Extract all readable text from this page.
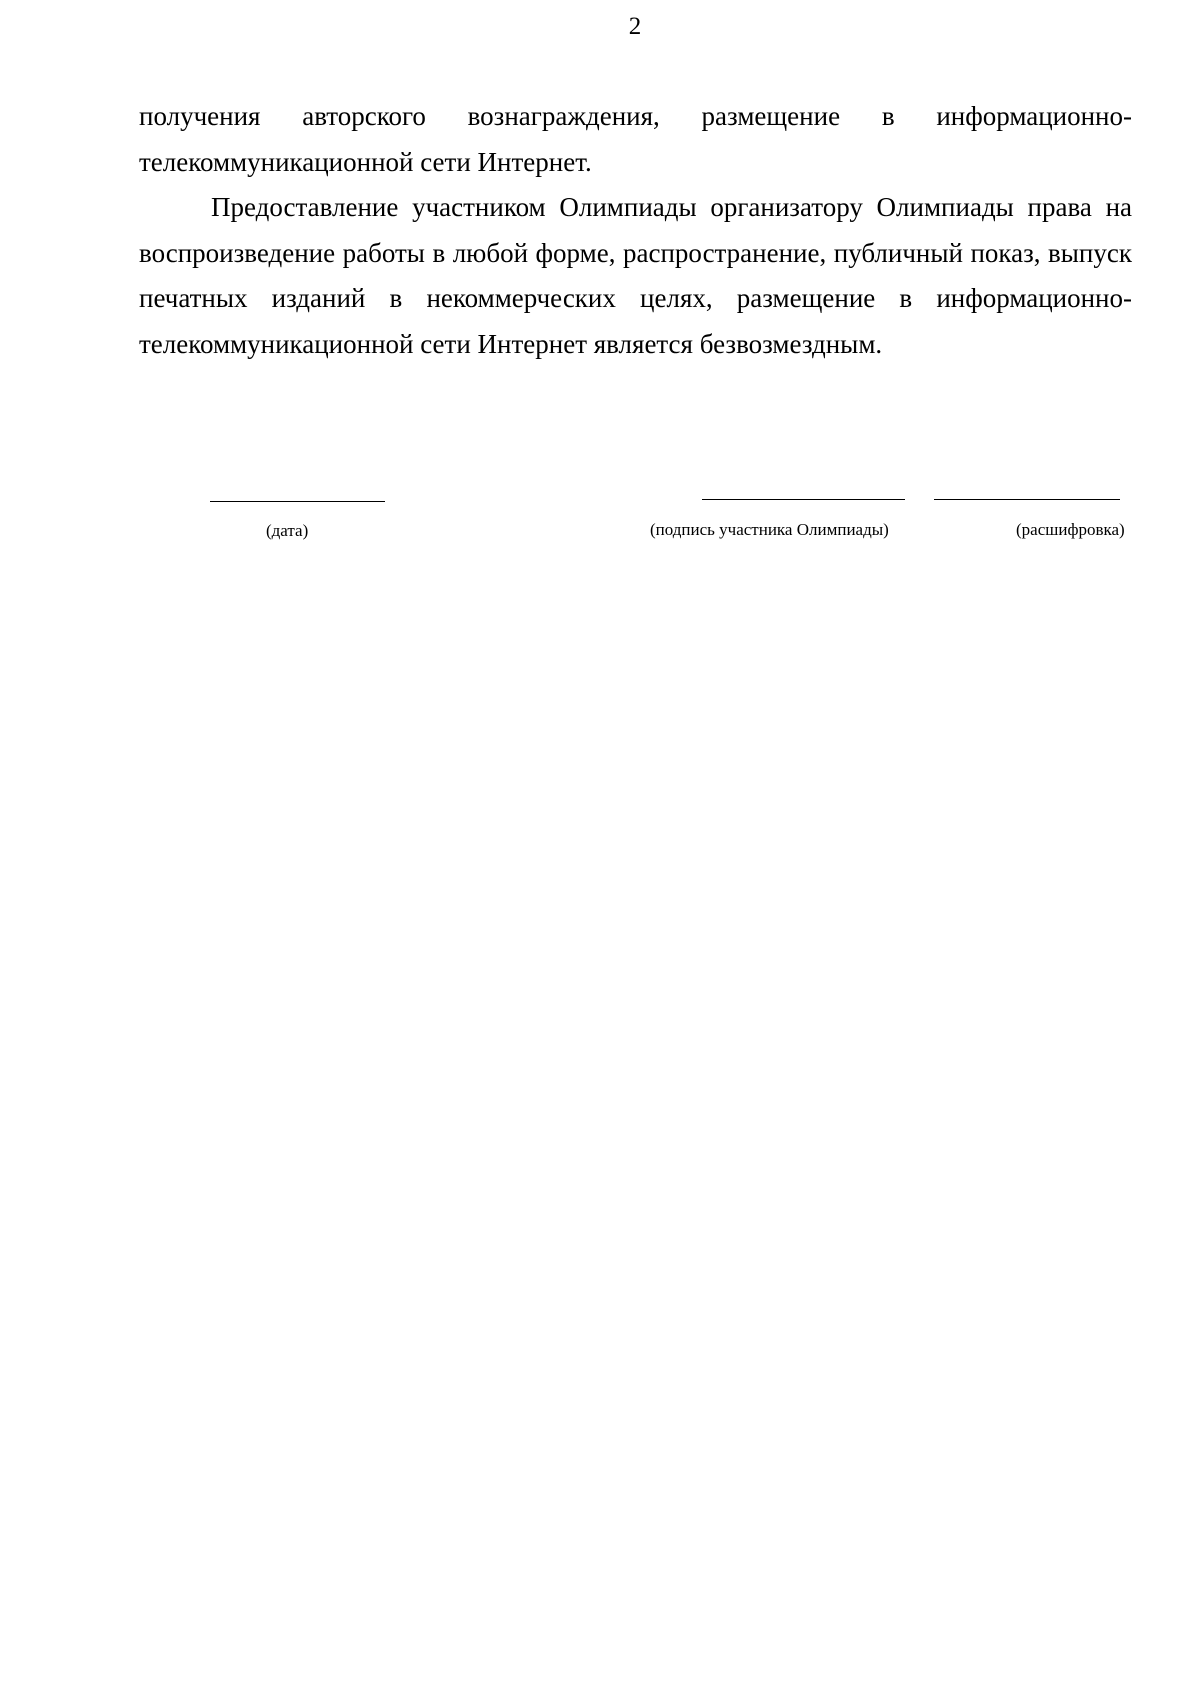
2

получения авторского вознаграждения, размещение в информационно-телекоммуникационной сети Интернет.

Предоставление участником Олимпиады организатору Олимпиады права на воспроизведение работы в любой форме, распространение, публичный показ, выпуск печатных изданий в некоммерческих целях, размещение в информационно-телекоммуникационной сети Интернет является безвозмездным.

(дата)	(подпись участника Олимпиады)	(расшифровка)
